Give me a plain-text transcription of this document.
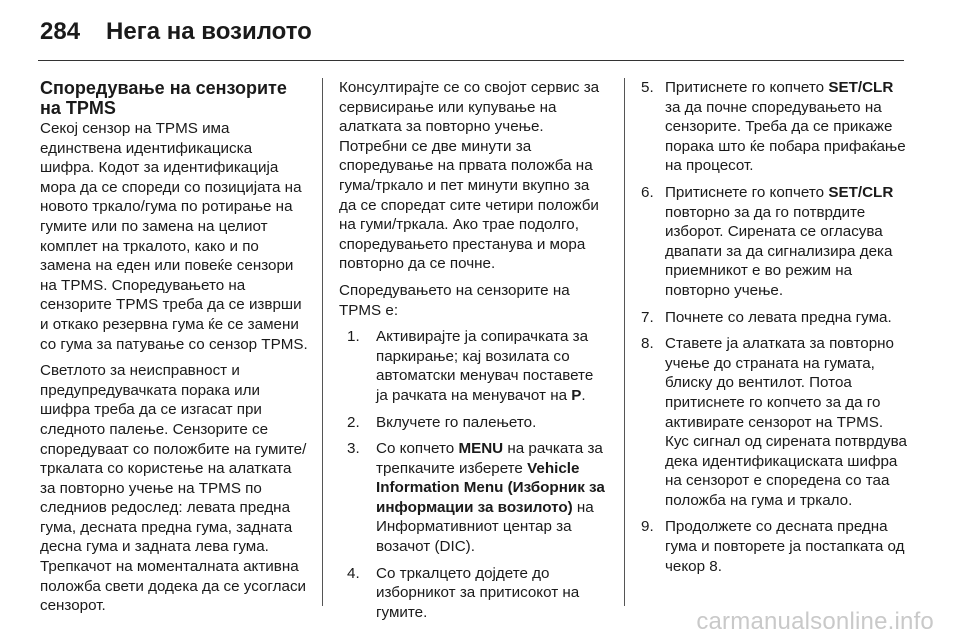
284 Нега на возилото
Споредување на сензорите на TPMS

Секој сензор на TPMS има единствена идентификациска шифра. Кодот за идентификација мора да се спореди со позицијата на новото тркало/гума по ротирање на гумите или по замена на целиот комплет на тркалото, како и по замена на еден или повеќе сензори на TPMS. Споредувањето на сензорите TPMS треба да се изврши и откако резервна гума ќе се замени со гума за патување со сензор TPMS.

Светлото за неисправност и предупредувачката порака или шифра треба да се изгасат при следното палење. Сензорите се споредуваат со положбите на гумите/тркалата со користење на алатката за повторно учење на TPMS по следниов редослед: левата предна гума, десната предна гума, задната десна гума и задната лева гума. Трепкачот на моменталната активна положба свети додека да се усогласи сензорот.

Консултирајте се со својот сервис за сервисирање или купување на алатката за повторно учење. Потребни се две минути за споредување на првата положба на гума/тркало и пет минути вкупно за да се споредат сите четири положби на гуми/тркала. Ако трае подолго, споредувањето престанува и мора повторно да се почне.

Споредувањето на сензорите на TPMS е:

1. Активирајте ја сопирачката за паркирање; кај возилата со автоматски менувач поставете ја рачката на менувачот на P.
2. Вклучете го палењето.
3. Со копчето MENU на рачката за трепкачите изберете Vehicle Information Menu (Изборник за информации за возилото) на Информативниот центар за возачот (DIC).
4. Со тркалцето дојдете до изборникот за притисокот на гумите.
5. Притиснете го копчето SET/CLR за да почне споредувањето на сензорите. Треба да се прикаже порака што ќе побара прифаќање на процесот.
6. Притиснете го копчето SET/CLR повторно за да го потврдите изборот. Сирената се огласува двапати за да сигнализира дека приемникот е во режим на повторно учење.
7. Почнете со левата предна гума.
8. Ставете ја алатката за повторно учење до страната на гумата, блиску до вентилот. Потоа притиснете го копчето за да го активирате сензорот на TPMS. Кус сигнал од сирената потврдува дека идентификациската шифра на сензорот е споредена со таа положба на гума и тркало.
9. Продолжете со десната предна гума и повторете ја постапката од чекор 8.
carmanualsonline.info
